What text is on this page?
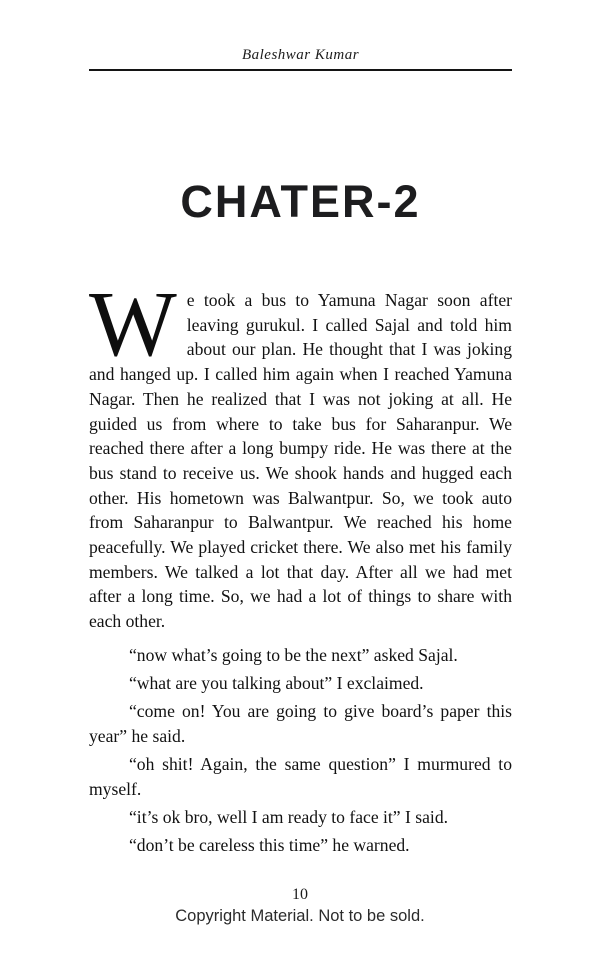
Baleshwar Kumar
CHATER-2

We took a bus to Yamuna Nagar soon after leaving gurukul. I called Sajal and told him about our plan. He thought that I was joking and hanged up. I called him again when I reached Yamuna Nagar. Then he realized that I was not joking at all. He guided us from where to take bus for Saharanpur. We reached there after a long bumpy ride. He was there at the bus stand to receive us. We shook hands and hugged each other. His hometown was Balwantpur. So, we took auto from Saharanpur to Balwantpur. We reached his home peacefully. We played cricket there. We also met his family members. We talked a lot that day. After all we had met after a long time. So, we had a lot of things to share with each other.

“now what’s going to be the next” asked Sajal.

“what are you talking about” I exclaimed.

“come on! You are going to give board’s paper this year” he said.

“oh shit! Again, the same question” I murmured to myself.

“it’s ok bro, well I am ready to face it” I said.

“don’t be careless this time” he warned.

10
Copyright Material. Not to be sold.
